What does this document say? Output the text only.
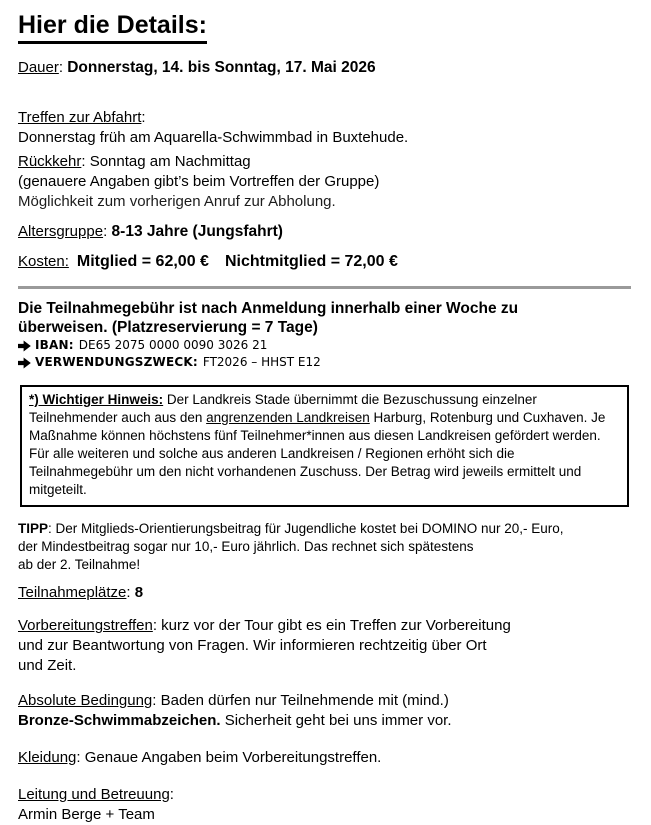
Hier die Details:

Dauer: Donnerstag, 14. bis Sonntag, 17. Mai 2026

Treffen zur Abfahrt:
Donnerstag früh am Aquarella-Schwimmbad in Buxtehude.

Rückkehr: Sonntag am Nachmittag
(genauere Angaben gibt’s beim Vortreffen der Gruppe)
Möglichkeit zum vorherigen Anruf zur Abholung.

Altersgruppe: 8-13 Jahre (Jungsfahrt)

Kosten: Mitglied = 62,00 € Nichtmitglied = 72,00 €

Die Teilnahmegebühr ist nach Anmeldung innerhalb einer Woche zu
überweisen. (Platzreservierung = 7 Tage)

IBAN: DE65 2075 0000 0090 3026 21
VERWENDUNGSZWECK: FT2026 – HHST E12

*) Wichtiger Hinweis: Der Landkreis Stade übernimmt die Bezuschussung einzelner Teilnehmender auch aus den angrenzenden Landkreisen Harburg, Rotenburg und Cuxhaven. Je Maßnahme können höchstens fünf Teilnehmer*innen aus diesen Landkreisen gefördert werden. Für alle weiteren und solche aus anderen Landkreisen / Regionen erhöht sich die Teilnahmegebühr um den nicht vorhandenen Zuschuss. Der Betrag wird jeweils ermittelt und mitgeteilt.

TIPP: Der Mitglieds-Orientierungsbeitrag für Jugendliche kostet bei DOMINO nur 20,- Euro,
der Mindestbeitrag sogar nur 10,- Euro jährlich. Das rechnet sich spätestens
ab der 2. Teilnahme!

Teilnahmeplätze: 8

Vorbereitungstreffen: kurz vor der Tour gibt es ein Treffen zur Vorbereitung
und zur Beantwortung von Fragen. Wir informieren rechtzeitig über Ort
und Zeit.

Absolute Bedingung: Baden dürfen nur Teilnehmende mit (mind.)
Bronze-Schwimmabzeichen. Sicherheit geht bei uns immer vor.

Kleidung: Genaue Angaben beim Vorbereitungstreffen.

Leitung und Betreuung:
Armin Berge + Team
